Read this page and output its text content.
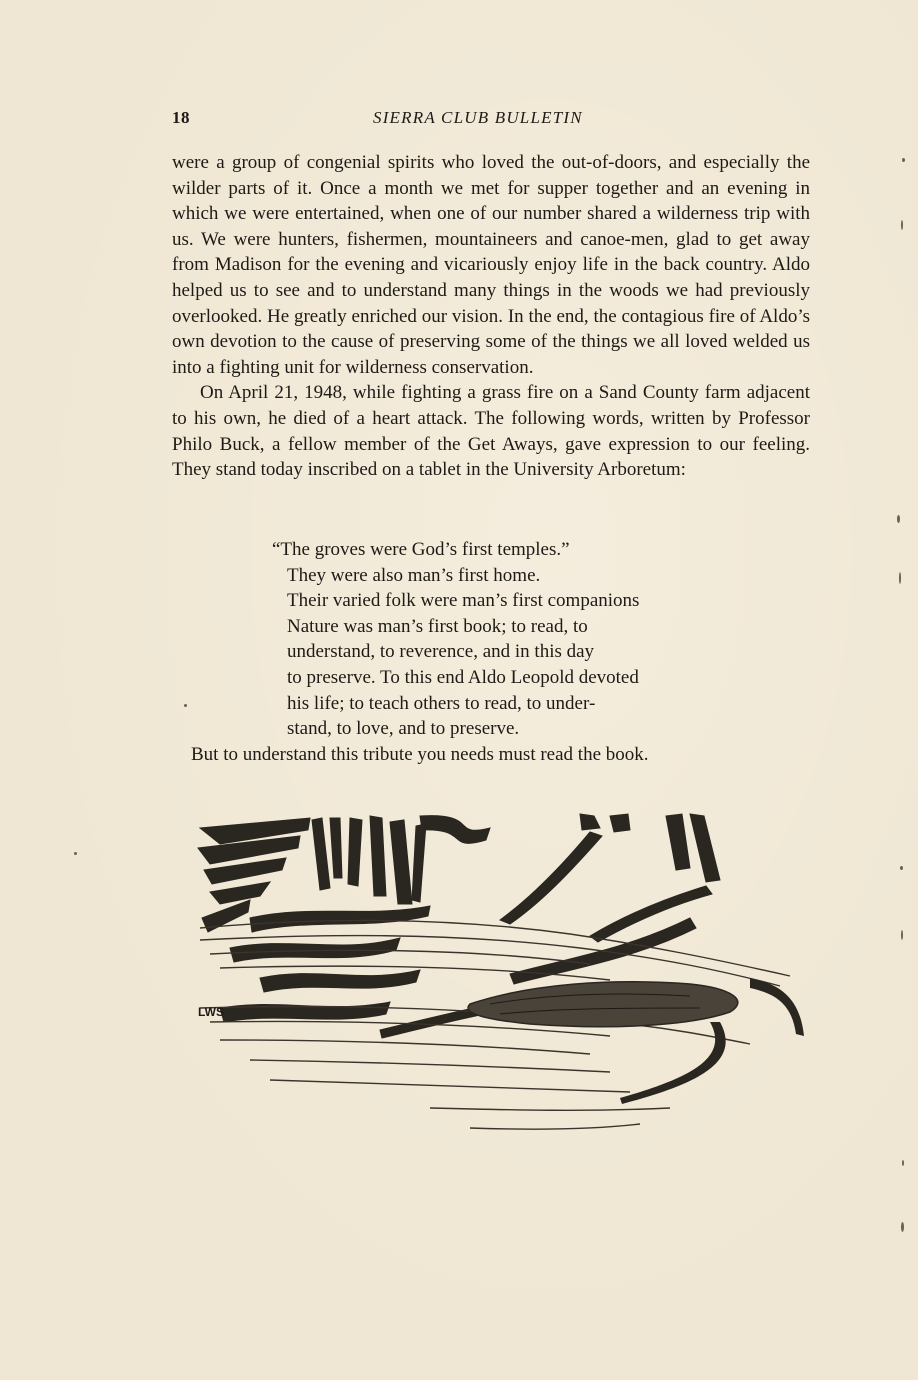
18	SIERRA CLUB BULLETIN

were a group of congenial spirits who loved the out-of-doors, and especially the wilder parts of it. Once a month we met for supper together and an evening in which we were entertained, when one of our number shared a wilderness trip with us. We were hunters, fishermen, mountaineers and canoe-men, glad to get away from Madison for the evening and vicariously enjoy life in the back country. Aldo helped us to see and to understand many things in the woods we had previously overlooked. He greatly enriched our vision. In the end, the contagious fire of Aldo’s own devotion to the cause of preserving some of the things we all loved welded us into a fighting unit for wilderness conservation.

On April 21, 1948, while fighting a grass fire on a Sand County farm adjacent to his own, he died of a heart attack. The following words, written by Professor Philo Buck, a fellow member of the Get Aways, gave expression to our feeling. They stand today inscribed on a tablet in the University Arboretum:

“The groves were God’s first temples.”
They were also man’s first home.
Their varied folk were man’s first companions
Nature was man’s first book; to read, to
understand, to reverence, and in this day
to preserve. To this end Aldo Leopold devoted
his life; to teach others to read, to under-
stand, to love, and to preserve.
But to understand this tribute you needs must read the book.
LWS
